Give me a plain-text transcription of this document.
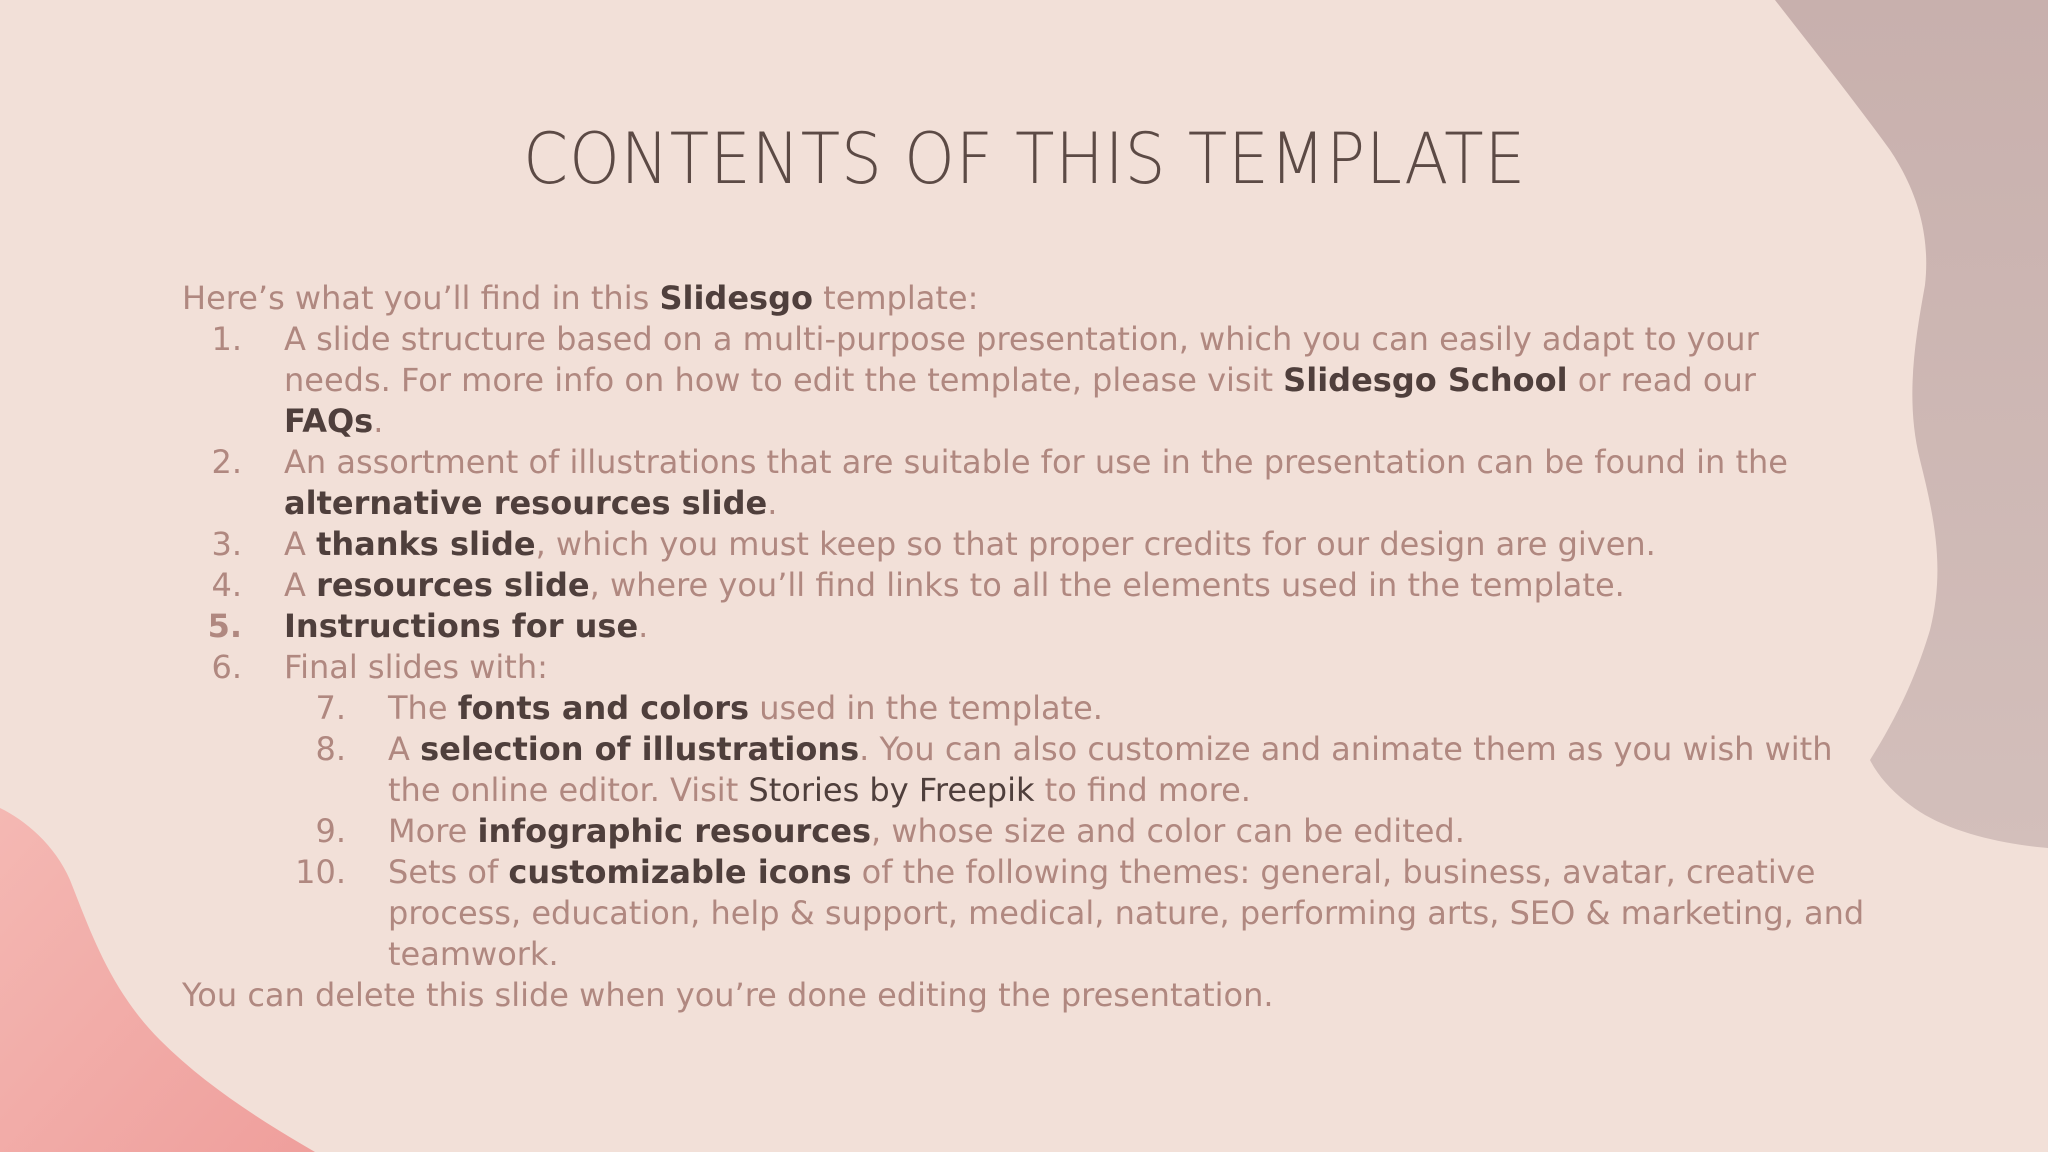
CONTENTS OF THIS TEMPLATE

Here’s what you’ll find in this Slidesgo template:

1. A slide structure based on a multi-purpose presentation, which you can easily adapt to your needs. For more info on how to edit the template, please visit Slidesgo School or read our FAQs.
2. An assortment of illustrations that are suitable for use in the presentation can be found in the alternative resources slide.
3. A thanks slide, which you must keep so that proper credits for our design are given.
4. A resources slide, where you’ll find links to all the elements used in the template.
5. Instructions for use.
6. Final slides with:
7. The fonts and colors used in the template.
8. A selection of illustrations. You can also customize and animate them as you wish with the online editor. Visit Stories by Freepik to find more.
9. More infographic resources, whose size and color can be edited.
10. Sets of customizable icons of the following themes: general, business, avatar, creative process, education, help & support, medical, nature, performing arts, SEO & marketing, and teamwork.

You can delete this slide when you’re done editing the presentation.
